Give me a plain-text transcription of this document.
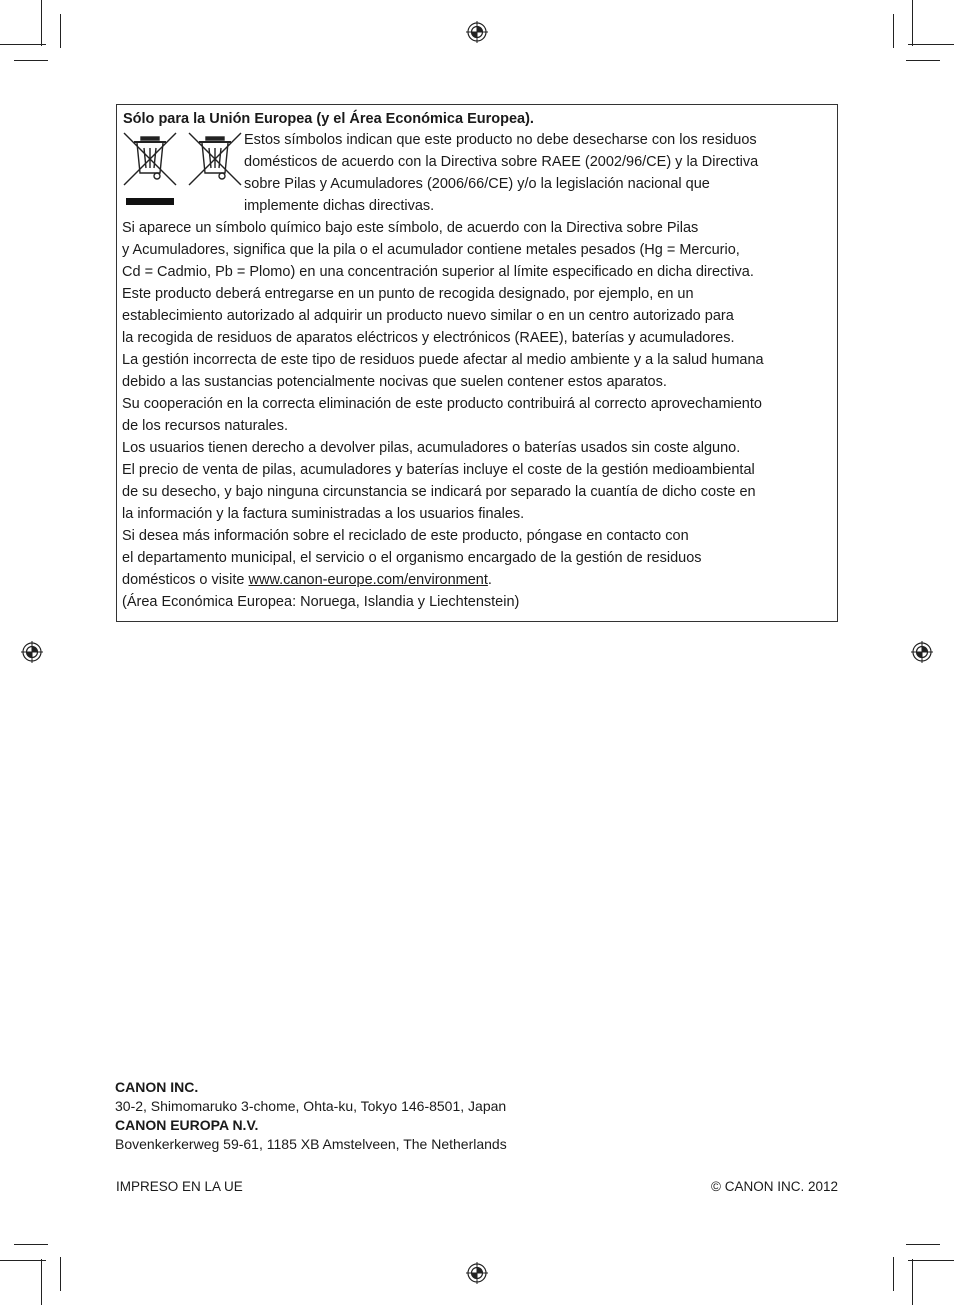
Sólo para la Unión Europea (y el Área Económica Europea).
Estos símbolos indican que este producto no debe desecharse con los residuos
domésticos de acuerdo con la Directiva sobre RAEE (2002/96/CE) y la Directiva
sobre Pilas y Acumuladores (2006/66/CE) y/o la legislación nacional que
implemente dichas directivas.
Si aparece un símbolo químico bajo este símbolo, de acuerdo con la Directiva sobre Pilas
y Acumuladores, significa que la pila o el acumulador contiene metales pesados (Hg = Mercurio,
Cd = Cadmio, Pb = Plomo) en una concentración superior al límite especificado en dicha directiva.
Este producto deberá entregarse en un punto de recogida designado, por ejemplo, en un
establecimiento autorizado al adquirir un producto nuevo similar o en un centro autorizado para
la recogida de residuos de aparatos eléctricos y electrónicos (RAEE), baterías y acumuladores.
La gestión incorrecta de este tipo de residuos puede afectar al medio ambiente y a la salud humana
debido a las sustancias potencialmente nocivas que suelen contener estos aparatos.
Su cooperación en la correcta eliminación de este producto contribuirá al correcto aprovechamiento
de los recursos naturales.
Los usuarios tienen derecho a devolver pilas, acumuladores o baterías usados sin coste alguno.
El precio de venta de pilas, acumuladores y baterías incluye el coste de la gestión medioambiental
de su desecho, y bajo ninguna circunstancia se indicará por separado la cuantía de dicho coste en
la información y la factura suministradas a los usuarios finales.
Si desea más información sobre el reciclado de este producto, póngase en contacto con
el departamento municipal, el servicio o el organismo encargado de la gestión de residuos
domésticos o visite www.canon-europe.com/environment.
(Área Económica Europea: Noruega, Islandia y Liechtenstein)
CANON INC.
30-2, Shimomaruko 3-chome, Ohta-ku, Tokyo 146-8501, Japan
CANON EUROPA N.V.
Bovenkerkerweg 59-61, 1185 XB Amstelveen, The Netherlands
IMPRESO EN LA UE	© CANON INC. 2012
